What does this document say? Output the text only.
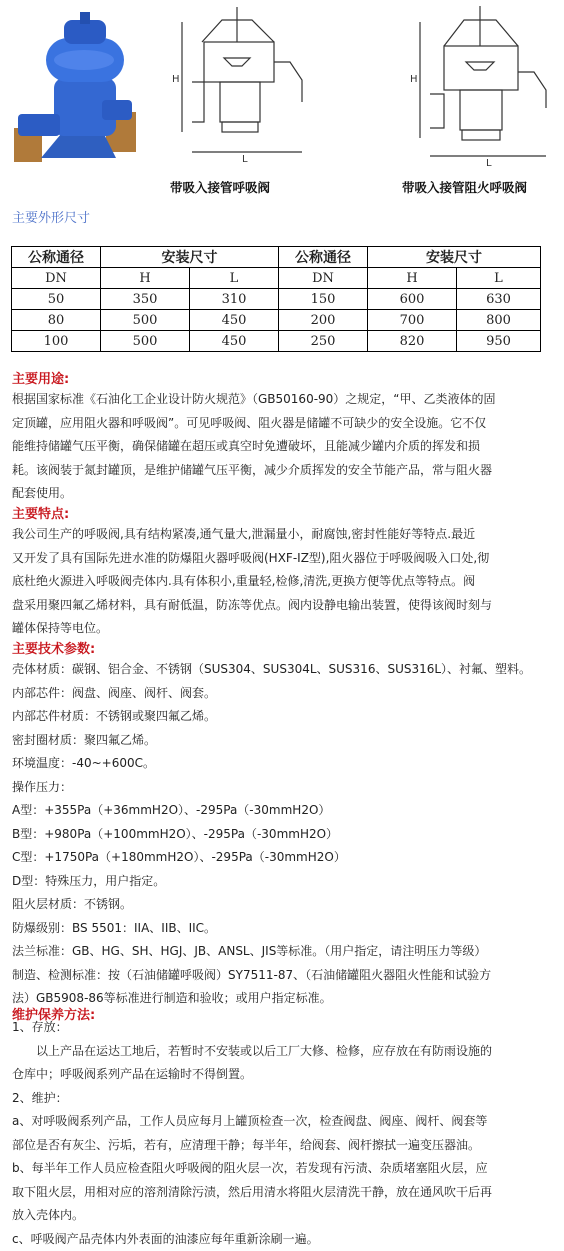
H
L
H
L
带吸入接管呼吸阀	带吸入接管阻火呼吸阀
主要外形尺寸
公称通径	安装尺寸		公称通径	安装尺寸	
DN	H	L	DN	H	L
50	350	310	150	600	630
80	500	450	200	700	800
100	500	450	250	820	950
主要用途:
根据国家标准《石油化工企业设计防火规范》（GB50160-90）之规定，“甲、乙类液体的固
定顶罐，应用阻火器和呼吸阀”。可见呼吸阀、阻火器是储罐不可缺少的安全设施。它不仅
能维持储罐气压平衡，确保储罐在超压或真空时免遭破坏，且能减少罐内介质的挥发和损
耗。该阀装于氮封罐顶，是维护储罐气压平衡，减少介质挥发的安全节能产品，常与阻火器
配套使用。
主要特点:
我公司生产的呼吸阀,具有结构紧凑,通气量大,泄漏量小，耐腐蚀,密封性能好等特点.最近
又开发了具有国际先进水准的防爆阻火器呼吸阀(HXF-IZ型),阻火器位于呼吸阀吸入口处,彻
底杜绝火源进入呼吸阀壳体内.具有体积小,重量轻,检修,清洗,更换方便等优点等特点。阀
盘采用聚四氟乙烯材料，具有耐低温，防冻等优点。阀内设静电输出装置，使得该阀时刻与
罐体保持等电位。
主要技术参数:
壳体材质：碳钢、铝合金、不锈钢（SUS304、SUS304L、SUS316、SUS316L）、衬氟、塑料。
内部芯件：阀盘、阀座、阀杆、阀套。
内部芯件材质：不锈钢或聚四氟乙烯。
密封圈材质：聚四氟乙烯。
环境温度：-40~+600C。
操作压力：
A型：+355Pa（+36mmH2O）、-295Pa（-30mmH2O）
B型：+980Pa（+100mmH2O）、-295Pa（-30mmH2O）
C型：+1750Pa（+180mmH2O）、-295Pa（-30mmH2O）
D型：特殊压力，用户指定。
阻火层材质：不锈钢。
防爆级别：BS 5501：IIA、IIB、IIC。
法兰标准：GB、HG、SH、HGJ、JB、ANSL、JIS等标准。（用户指定，请注明压力等级）
制造、检测标准：按（石油储罐呼吸阀）SY7511-87、（石油储罐阻火器阻火性能和试验方
法）GB5908-86等标准进行制造和验收；或用户指定标准。
维护保养方法:
1、存放：
　　以上产品在运达工地后，若暂时不安装或以后工厂大修、检修，应存放在有防雨设施的
仓库中；呼吸阀系列产品在运输时不得倒置。
2、维护：
a、对呼吸阀系列产品，工作人员应每月上罐顶检查一次，检查阀盘、阀座、阀杆、阀套等
部位是否有灰尘、污垢，若有，应清理干静；每半年，给阀套、阀杆擦拭一遍变压器油。
b、每半年工作人员应检查阻火呼吸阀的阻火层一次，若发现有污渍、杂质堵塞阻火层，应
取下阻火层，用相对应的溶剂清除污渍，然后用清水将阻火层清洗干静，放在通风吹干后再
放入壳体内。
c、呼吸阀产品壳体内外表面的油漆应每年重新涂刷一遍。
